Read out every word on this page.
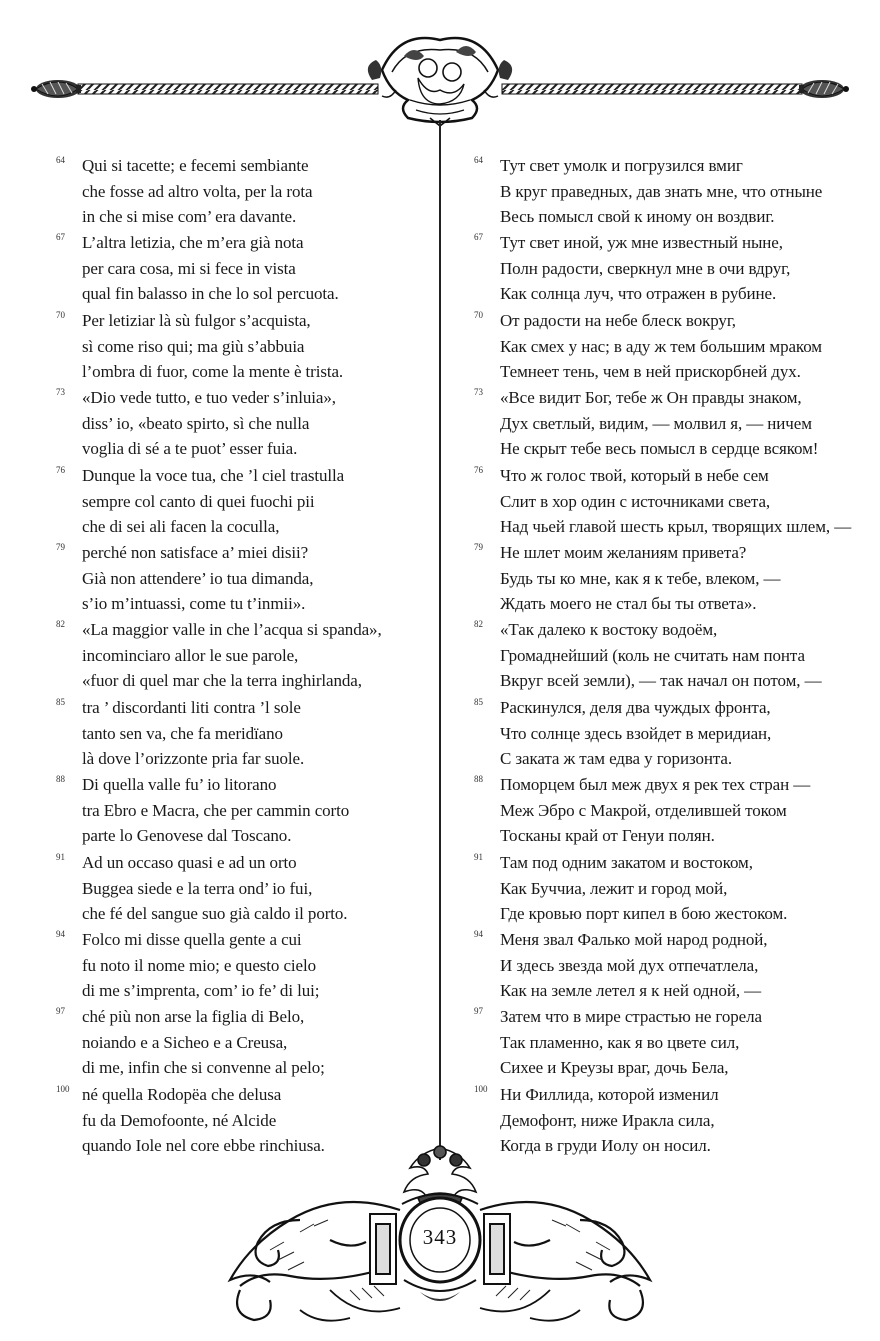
64 Qui si tacette; e fecemi sembiante
che fosse ad altro volta, per la rota
in che si mise com’ era davante.
67 L’altra letizia, che m’era già nota
per cara cosa, mi si fece in vista
qual fin balasso in che lo sol percuota.
70 Per letiziar là sù fulgor s’acquista,
sì come riso qui; ma giù s’abbuia
l’ombra di fuor, come la mente è trista.
73 «Dio vede tutto, e tuo veder s’inluia»,
diss’ io, «beato spirto, sì che nulla
voglia di sé a te puot’ esser fuia.
76 Dunque la voce tua, che ’l ciel trastulla
sempre col canto di quei fuochi pii
che di sei ali facen la coculla,
79 perché non satisface a’ miei disii?
Già non attendere’ io tua dimanda,
s’io m’intuassi, come tu t’inmii».
82 «La maggior valle in che l’acqua si spanda»,
incominciaro allor le sue parole,
«fuor di quel mar che la terra inghirlanda,
85 tra ’ discordanti liti contra ’l sole
tanto sen va, che fa meridïano
là dove l’orizzonte pria far suole.
88 Di quella valle fu’ io litorano
tra Ebro e Macra, che per cammin corto
parte lo Genovese dal Toscano.
91 Ad un occaso quasi e ad un orto
Buggea siede e la terra ond’ io fui,
che fé del sangue suo già caldo il porto.
94 Folco mi disse quella gente a cui
fu noto il nome mio; e questo cielo
di me s’imprenta, com’ io fe’ di lui;
97 ché più non arse la figlia di Belo,
noiando e a Sicheo e a Creusa,
di me, infin che si convenne al pelo;
100 né quella Rodopëa che delusa
fu da Demofoonte, né Alcide
quando Iole nel core ebbe rinchiusa.
64 Тут свет умолк и погрузился вмиг
В круг праведных, дав знать мне, что отныне
Весь помысл свой к иному он воздвиг.
67 Тут свет иной, уж мне известный ныне,
Полн радости, сверкнул мне в очи вдруг,
Как солнца луч, что отражен в рубине.
70 От радости на небе блеск вокруг,
Как смех у нас; в аду ж тем большим мраком
Темнеет тень, чем в ней прискорбней дух.
73 «Все видит Бог, тебе ж Он правды знаком,
Дух светлый, видим, — молвил я, — ничем
Не скрыт тебе весь помысл в сердце всяком!
76 Что ж голос твой, который в небе сем
Слит в хор один с источниками света,
Над чьей главой шесть крыл, творящих шлем, —
79 Не шлет моим желаниям привета?
Будь ты ко мне, как я к тебе, влеком, —
Ждать моего не стал бы ты ответа».
82 «Так далеко к востоку водоём,
Громаднейший (коль не считать нам понта
Вкруг всей земли), — так начал он потом, —
85 Раскинулся, деля два чуждых фронта,
Что солнце здесь взойдет в меридиан,
С заката ж там едва у горизонта.
88 Поморцем был меж двух я рек тех стран —
Меж Эбро с Макрой, отделившей током
Тосканы край от Генуи полян.
91 Там под одним закатом и востоком,
Как Буччиа, лежит и город мой,
Где кровью порт кипел в бою жестоком.
94 Меня звал Фалько мой народ родной,
И здесь звезда мой дух отпечатлела,
Как на земле летел я к ней одной, —
97 Затем что в мире страстью не горела
Так пламенно, как я во цвете сил,
Сихее и Креузы враг, дочь Бела,
100 Ни Филлида, которой изменил
Демофонт, ниже Иракла сила,
Когда в груди Иолу он носил.
343
